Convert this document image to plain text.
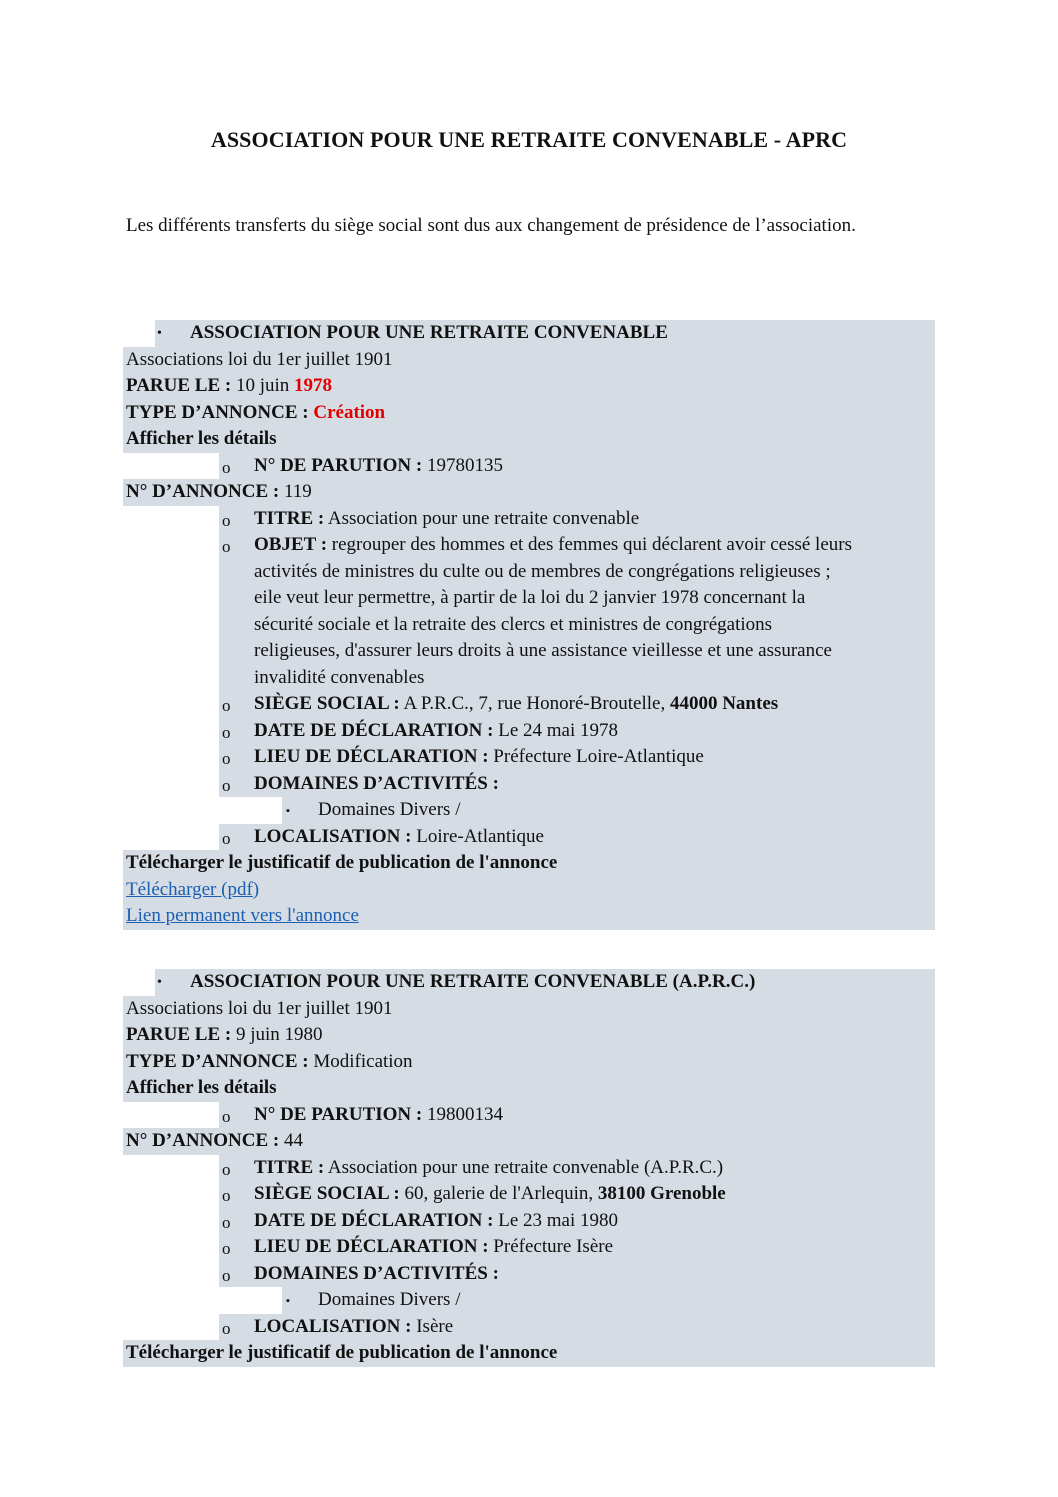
ASSOCIATION POUR UNE RETRAITE CONVENABLE - APRC
Les différents transferts du siège social sont dus aux changement de présidence de l’association.
• ASSOCIATION POUR UNE RETRAITE CONVENABLE
Associations loi du 1er juillet 1901
PARUE LE : 10 juin 1978
TYPE D’ANNONCE : Création
Afficher les détails
o N° DE PARUTION : 19780135
N° D’ANNONCE : 119
o TITRE : Association pour une retraite convenable
o OBJET : regrouper des hommes et des femmes qui déclarent avoir cessé leurs
activités de ministres du culte ou de membres de congrégations religieuses ;
eile veut leur permettre, à partir de la loi du 2 janvier 1978 concernant la
sécurité sociale et la retraite des clercs et ministres de congrégations
religieuses, d'assurer leurs droits à une assistance vieillesse et une assurance
invalidité convenables
o SIÈGE SOCIAL : A P.R.C., 7, rue Honoré-Broutelle, 44000 Nantes
o DATE DE DÉCLARATION : Le 24 mai 1978
o LIEU DE DÉCLARATION : Préfecture Loire-Atlantique
o DOMAINES D’ACTIVITÉS :
▪ Domaines Divers /
o LOCALISATION : Loire-Atlantique
Télécharger le justificatif de publication de l'annonce
Télécharger (pdf)
Lien permanent vers l'annonce
• ASSOCIATION POUR UNE RETRAITE CONVENABLE (A.P.R.C.)
Associations loi du 1er juillet 1901
PARUE LE : 9 juin 1980
TYPE D’ANNONCE : Modification
Afficher les détails
o N° DE PARUTION : 19800134
N° D’ANNONCE : 44
o TITRE : Association pour une retraite convenable (A.P.R.C.)
o SIÈGE SOCIAL : 60, galerie de l'Arlequin, 38100 Grenoble
o DATE DE DÉCLARATION : Le 23 mai 1980
o LIEU DE DÉCLARATION : Préfecture Isère
o DOMAINES D’ACTIVITÉS :
▪ Domaines Divers /
o LOCALISATION : Isère
Télécharger le justificatif de publication de l'annonce
